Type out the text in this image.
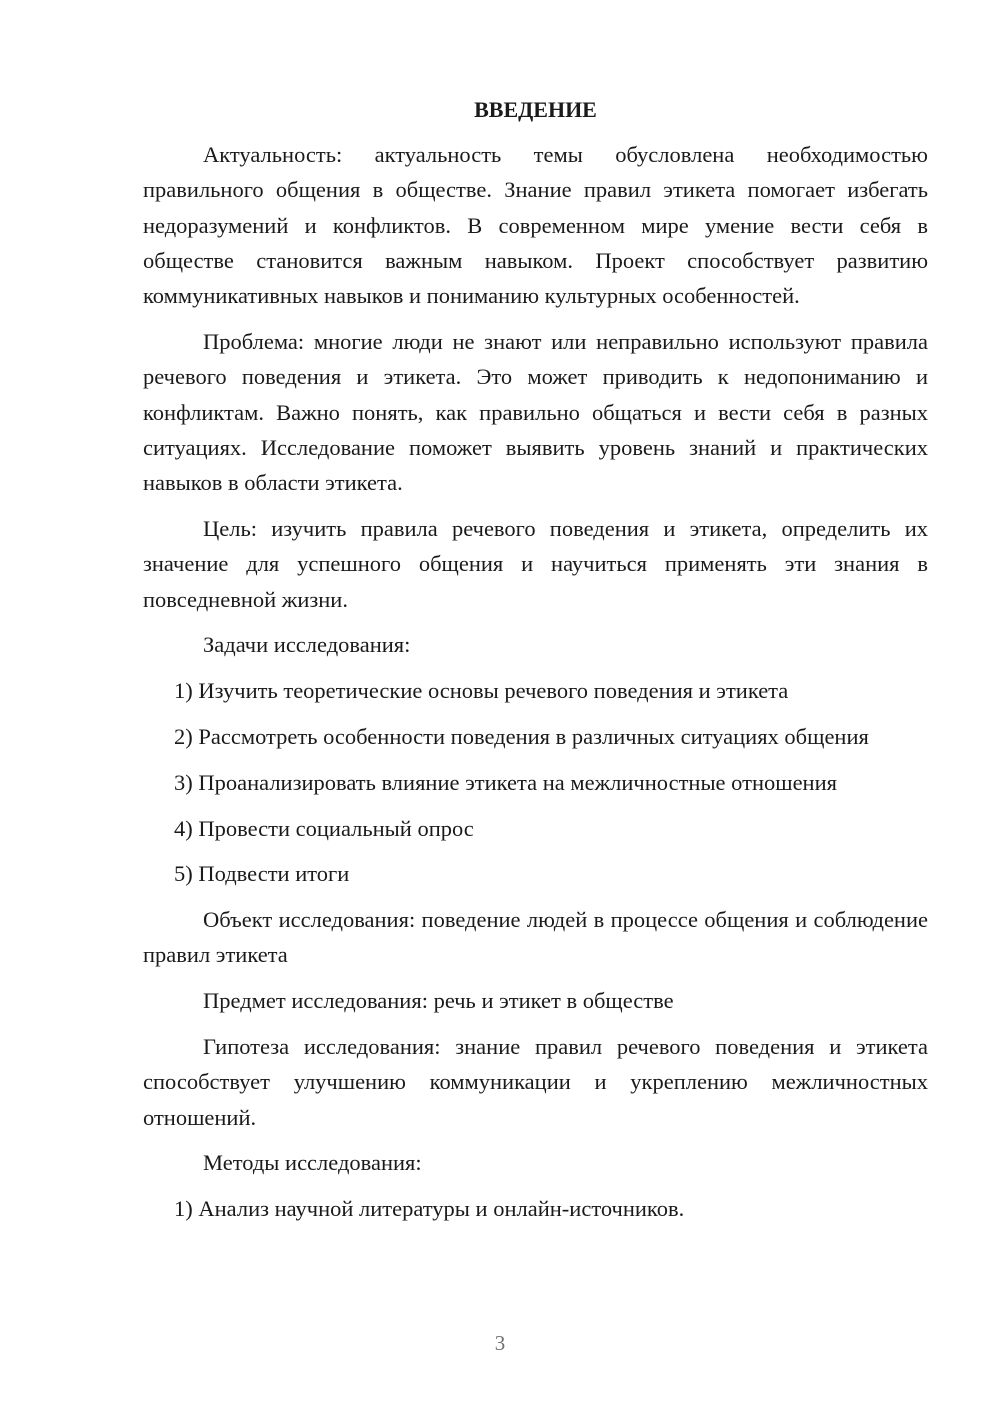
ВВЕДЕНИЕ

Актуальность: актуальность темы обусловлена необходимостью правильного общения в обществе. Знание правил этикета помогает избегать недоразумений и конфликтов. В современном мире умение вести себя в обществе становится важным навыком. Проект способствует развитию коммуникативных навыков и пониманию культурных особенностей.

Проблема: многие люди не знают или неправильно используют правила речевого поведения и этикета. Это может приводить к недопониманию и конфликтам. Важно понять, как правильно общаться и вести себя в разных ситуациях. Исследование поможет выявить уровень знаний и практических навыков в области этикета.

Цель: изучить правила речевого поведения и этикета, определить их значение для успешного общения и научиться применять эти знания в повседневной жизни.

Задачи исследования:

1) Изучить теоретические основы речевого поведения и этикета

2) Рассмотреть особенности поведения в различных ситуациях общения

3) Проанализировать влияние этикета на межличностные отношения

4) Провести социальный опрос

5) Подвести итоги

Объект исследования: поведение людей в процессе общения и соблюдение правил этикета

Предмет исследования: речь и этикет в обществе

Гипотеза исследования: знание правил речевого поведения и этикета способствует улучшению коммуникации и укреплению межличностных отношений.

Методы исследования:

1) Анализ научной литературы и онлайн-источников.

3
